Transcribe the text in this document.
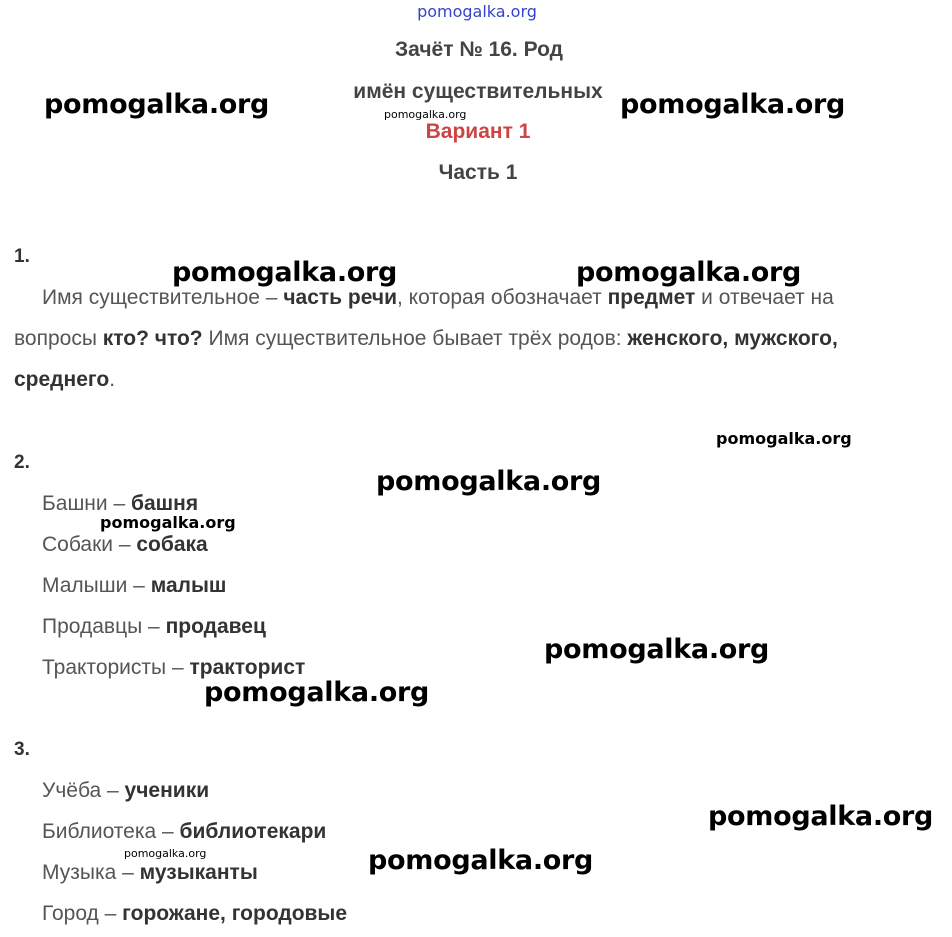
pomogalka.org
Зачёт № 16. Род
имён существительных
Вариант 1
Часть 1
1.
Имя существительное – часть речи, которая обозначает предмет и отвечает на
вопросы кто? что? Имя существительное бывает трёх родов: женского, мужского,
среднего.
2.
Башни – башня
Собаки – собака
Малыши – малыш
Продавцы – продавец
Трактористы – тракторист
3.
Учёба – ученики
Библиотека – библиотекари
Музыка – музыканты
Город – горожане, городовые
pomogalka.org	pomogalka.org
pomogalka.org
pomogalka.org	pomogalka.org
pomogalka.org
pomogalka.org
pomogalka.org
pomogalka.org
pomogalka.org
pomogalka.org
pomogalka.org	pomogalka.org
